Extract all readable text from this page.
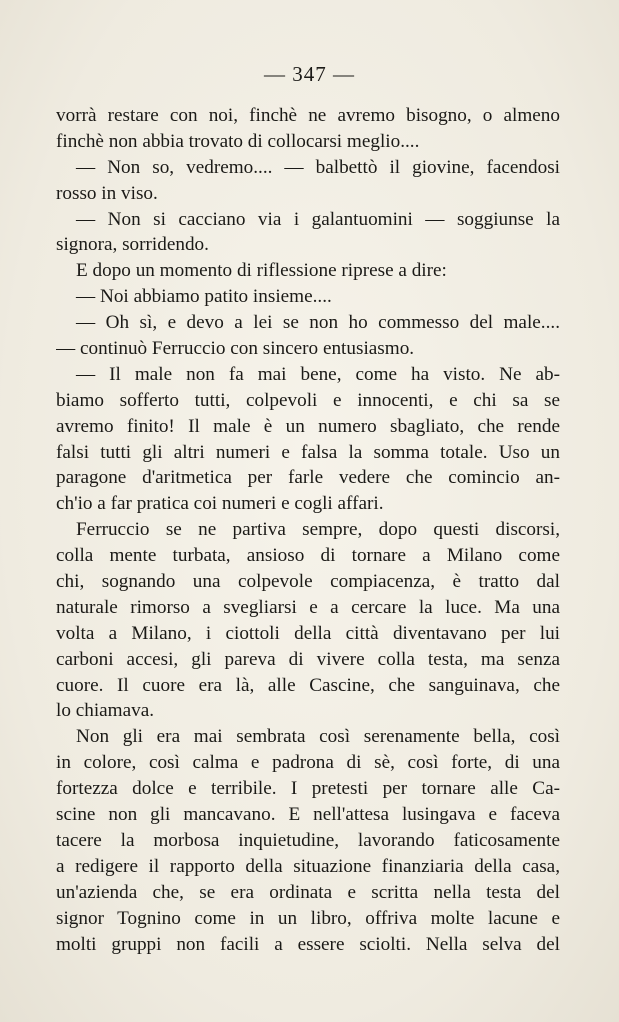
— 347 —
vorrà restare con noi, finchè ne avremo bisogno, o almeno
finchè non abbia trovato di collocarsi meglio....
— Non so, vedremo.... — balbettò il giovine, facendosi
rosso in viso.
— Non si cacciano via i galantuomini — soggiunse la
signora, sorridendo.
E dopo un momento di riflessione riprese a dire:
— Noi abbiamo patito insieme....
— Oh sì, e devo a lei se non ho commesso del male....
— continuò Ferruccio con sincero entusiasmo.
— Il male non fa mai bene, come ha visto. Ne ab-
biamo sofferto tutti, colpevoli e innocenti, e chi sa se
avremo finito! Il male è un numero sbagliato, che rende
falsi tutti gli altri numeri e falsa la somma totale. Uso un
paragone d'aritmetica per farle vedere che comincio an-
ch'io a far pratica coi numeri e cogli affari.
Ferruccio se ne partiva sempre, dopo questi discorsi,
colla mente turbata, ansioso di tornare a Milano come
chi, sognando una colpevole compiacenza, è tratto dal
naturale rimorso a svegliarsi e a cercare la luce. Ma una
volta a Milano, i ciottoli della città diventavano per lui
carboni accesi, gli pareva di vivere colla testa, ma senza
cuore. Il cuore era là, alle Cascine, che sanguinava, che
lo chiamava.
Non gli era mai sembrata così serenamente bella, così
in colore, così calma e padrona di sè, così forte, di una
fortezza dolce e terribile. I pretesti per tornare alle Ca-
scine non gli mancavano. E nell'attesa lusingava e faceva
tacere la morbosa inquietudine, lavorando faticosamente
a redigere il rapporto della situazione finanziaria della casa,
un'azienda che, se era ordinata e scritta nella testa del
signor Tognino come in un libro, offriva molte lacune e
molti gruppi non facili a essere sciolti. Nella selva del
